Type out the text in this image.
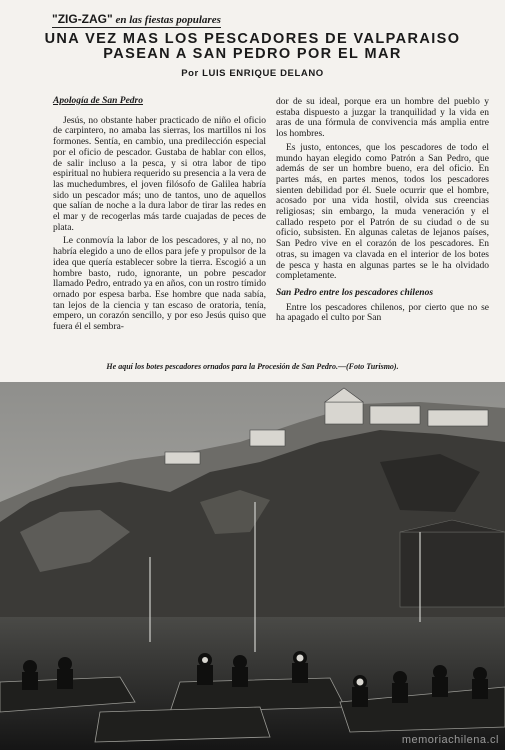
"ZIG-ZAG" en las fiestas populares
UNA VEZ MAS LOS PESCADORES DE VALPARAISO
PASEAN A SAN PEDRO POR EL MAR
Por LUIS ENRIQUE DELANO
Apología de San Pedro

Jesús, no obstante haber practicado de niño el oficio de carpintero, no amaba las sierras, los martillos ni los formones. Sentía, en cambio, una predilección especial por el oficio de pescador. Gustaba de hablar con ellos, de salir incluso a la pesca, y si otra labor de tipo espiritual no hubiera requerido su presencia a la vera de las muchedumbres, el joven filósofo de Galilea habría sido un pescador más; uno de tantos, uno de aquellos que salían de noche a la dura labor de tirar las redes en el mar y de recogerlas más tarde cuajadas de peces de plata.

Le conmovía la labor de los pescadores, y al no, no habría elegido a uno de ellos para jefe y propulsor de la idea que quería establecer sobre la tierra. Escogió a un hombre basto, rudo, ignorante, un pobre pescador llamado Pedro, entrado ya en años, con un rostro tímido ornado por espesa barba. Ese hombre que nada sabía, tan lejos de la ciencia y tan escaso de oratoria, tenía, empero, un corazón sencillo, y por eso Jesús quiso que fuera él el sembra-

dor de su ideal, porque era un hombre del pueblo y estaba dispuesto a juzgar la tranquilidad y la vida en aras de una fórmula de convivencia más amplia entre los hombres.

Es justo, entonces, que los pescadores de todo el mundo hayan elegido como Patrón a San Pedro, que además de ser un hombre bueno, era del oficio. En partes más, en partes menos, todos los pescadores sienten debilidad por él. Suele ocurrir que el hombre, acosado por una vida hostil, olvida sus creencias religiosas; sin embargo, la muda veneración y el callado respeto por el Patrón de su ciudad o de su oficio, subsisten. En algunas caletas de lejanos países, San Pedro vive en el corazón de los pescadores. En otras, su imagen va clavada en el interior de los botes de pesca y hasta en algunas partes se le ha olvidado completamente.

San Pedro entre los pescadores chilenos

Entre los pescadores chilenos, por cierto que no se ha apagado el culto por San

He aquí los botes pescadores ornados para la Procesión de San Pedro.—(Foto Turismo).
memoriachilena.cl
